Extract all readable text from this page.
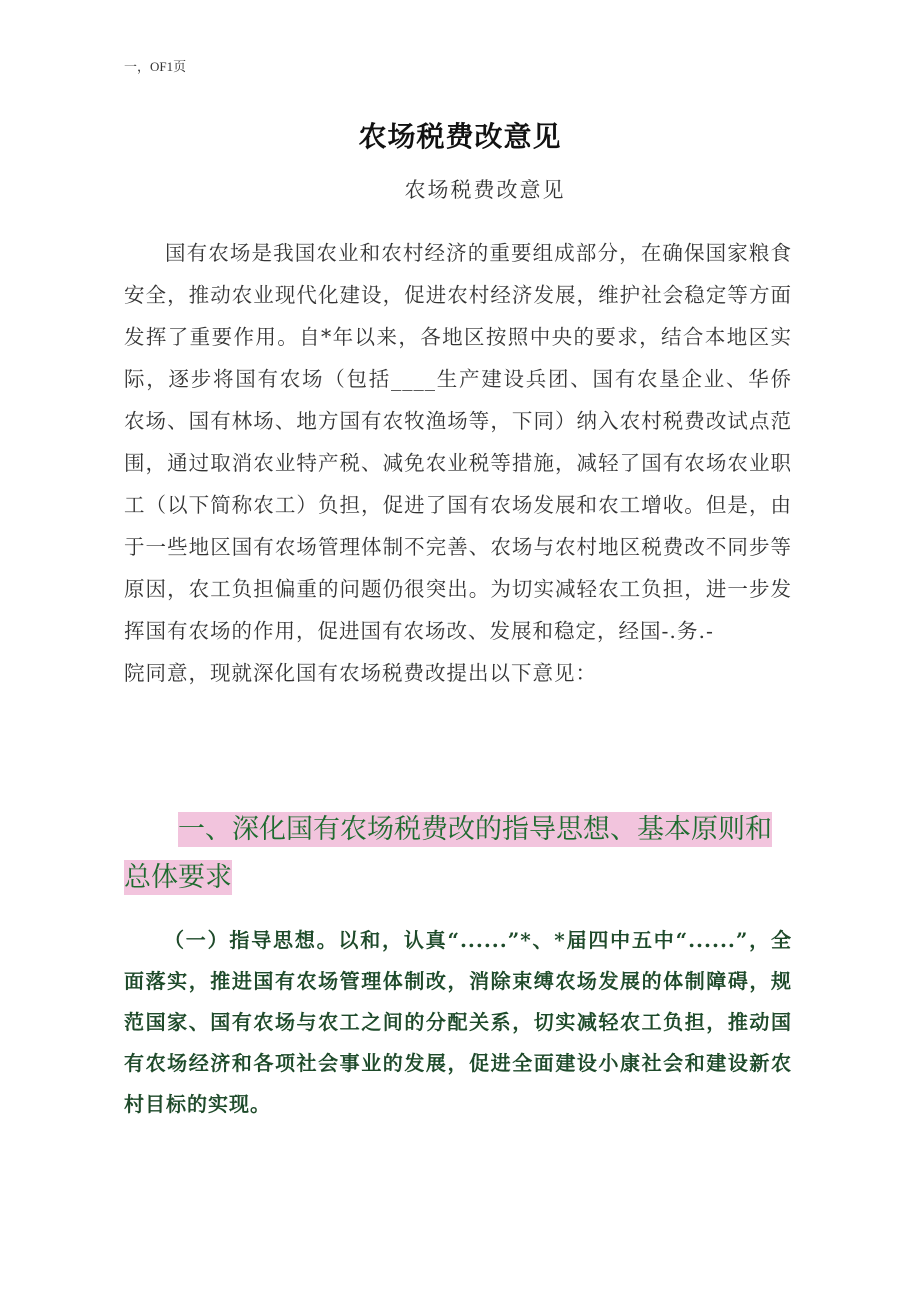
一，OF1页
农场税费改意见
农场税费改意见

国有农场是我国农业和农村经济的重要组成部分，在确保国家粮食安全，推动农业现代化建设，促进农村经济发展，维护社会稳定等方面发挥了重要作用。自*年以来，各地区按照中央的要求，结合本地区实际，逐步将国有农场（包括____生产建设兵团、国有农垦企业、华侨农场、国有林场、地方国有农牧渔场等，下同）纳入农村税费改试点范围，通过取消农业特产税、减免农业税等措施，减轻了国有农场农业职工（以下简称农工）负担，促进了国有农场发展和农工增收。但是，由于一些地区国有农场管理体制不完善、农场与农村地区税费改不同步等原因，农工负担偏重的问题仍很突出。为切实减轻农工负担，进一步发挥国有农场的作用，促进国有农场改、发展和稳定，经国-.务.-

院同意，现就深化国有农场税费改提出以下意见：

一、深化国有农场税费改的指导思想、基本原则和总体要求

（一）指导思想。以和，认真“......”*、*届四中五中“......”，全面落实，推进国有农场管理体制改，消除束缚农场发展的体制障碍，规范国家、国有农场与农工之间的分配关系，切实减轻农工负担，推动国有农场经济和各项社会事业的发展，促进全面建设小康社会和建设新农村目标的实现。
